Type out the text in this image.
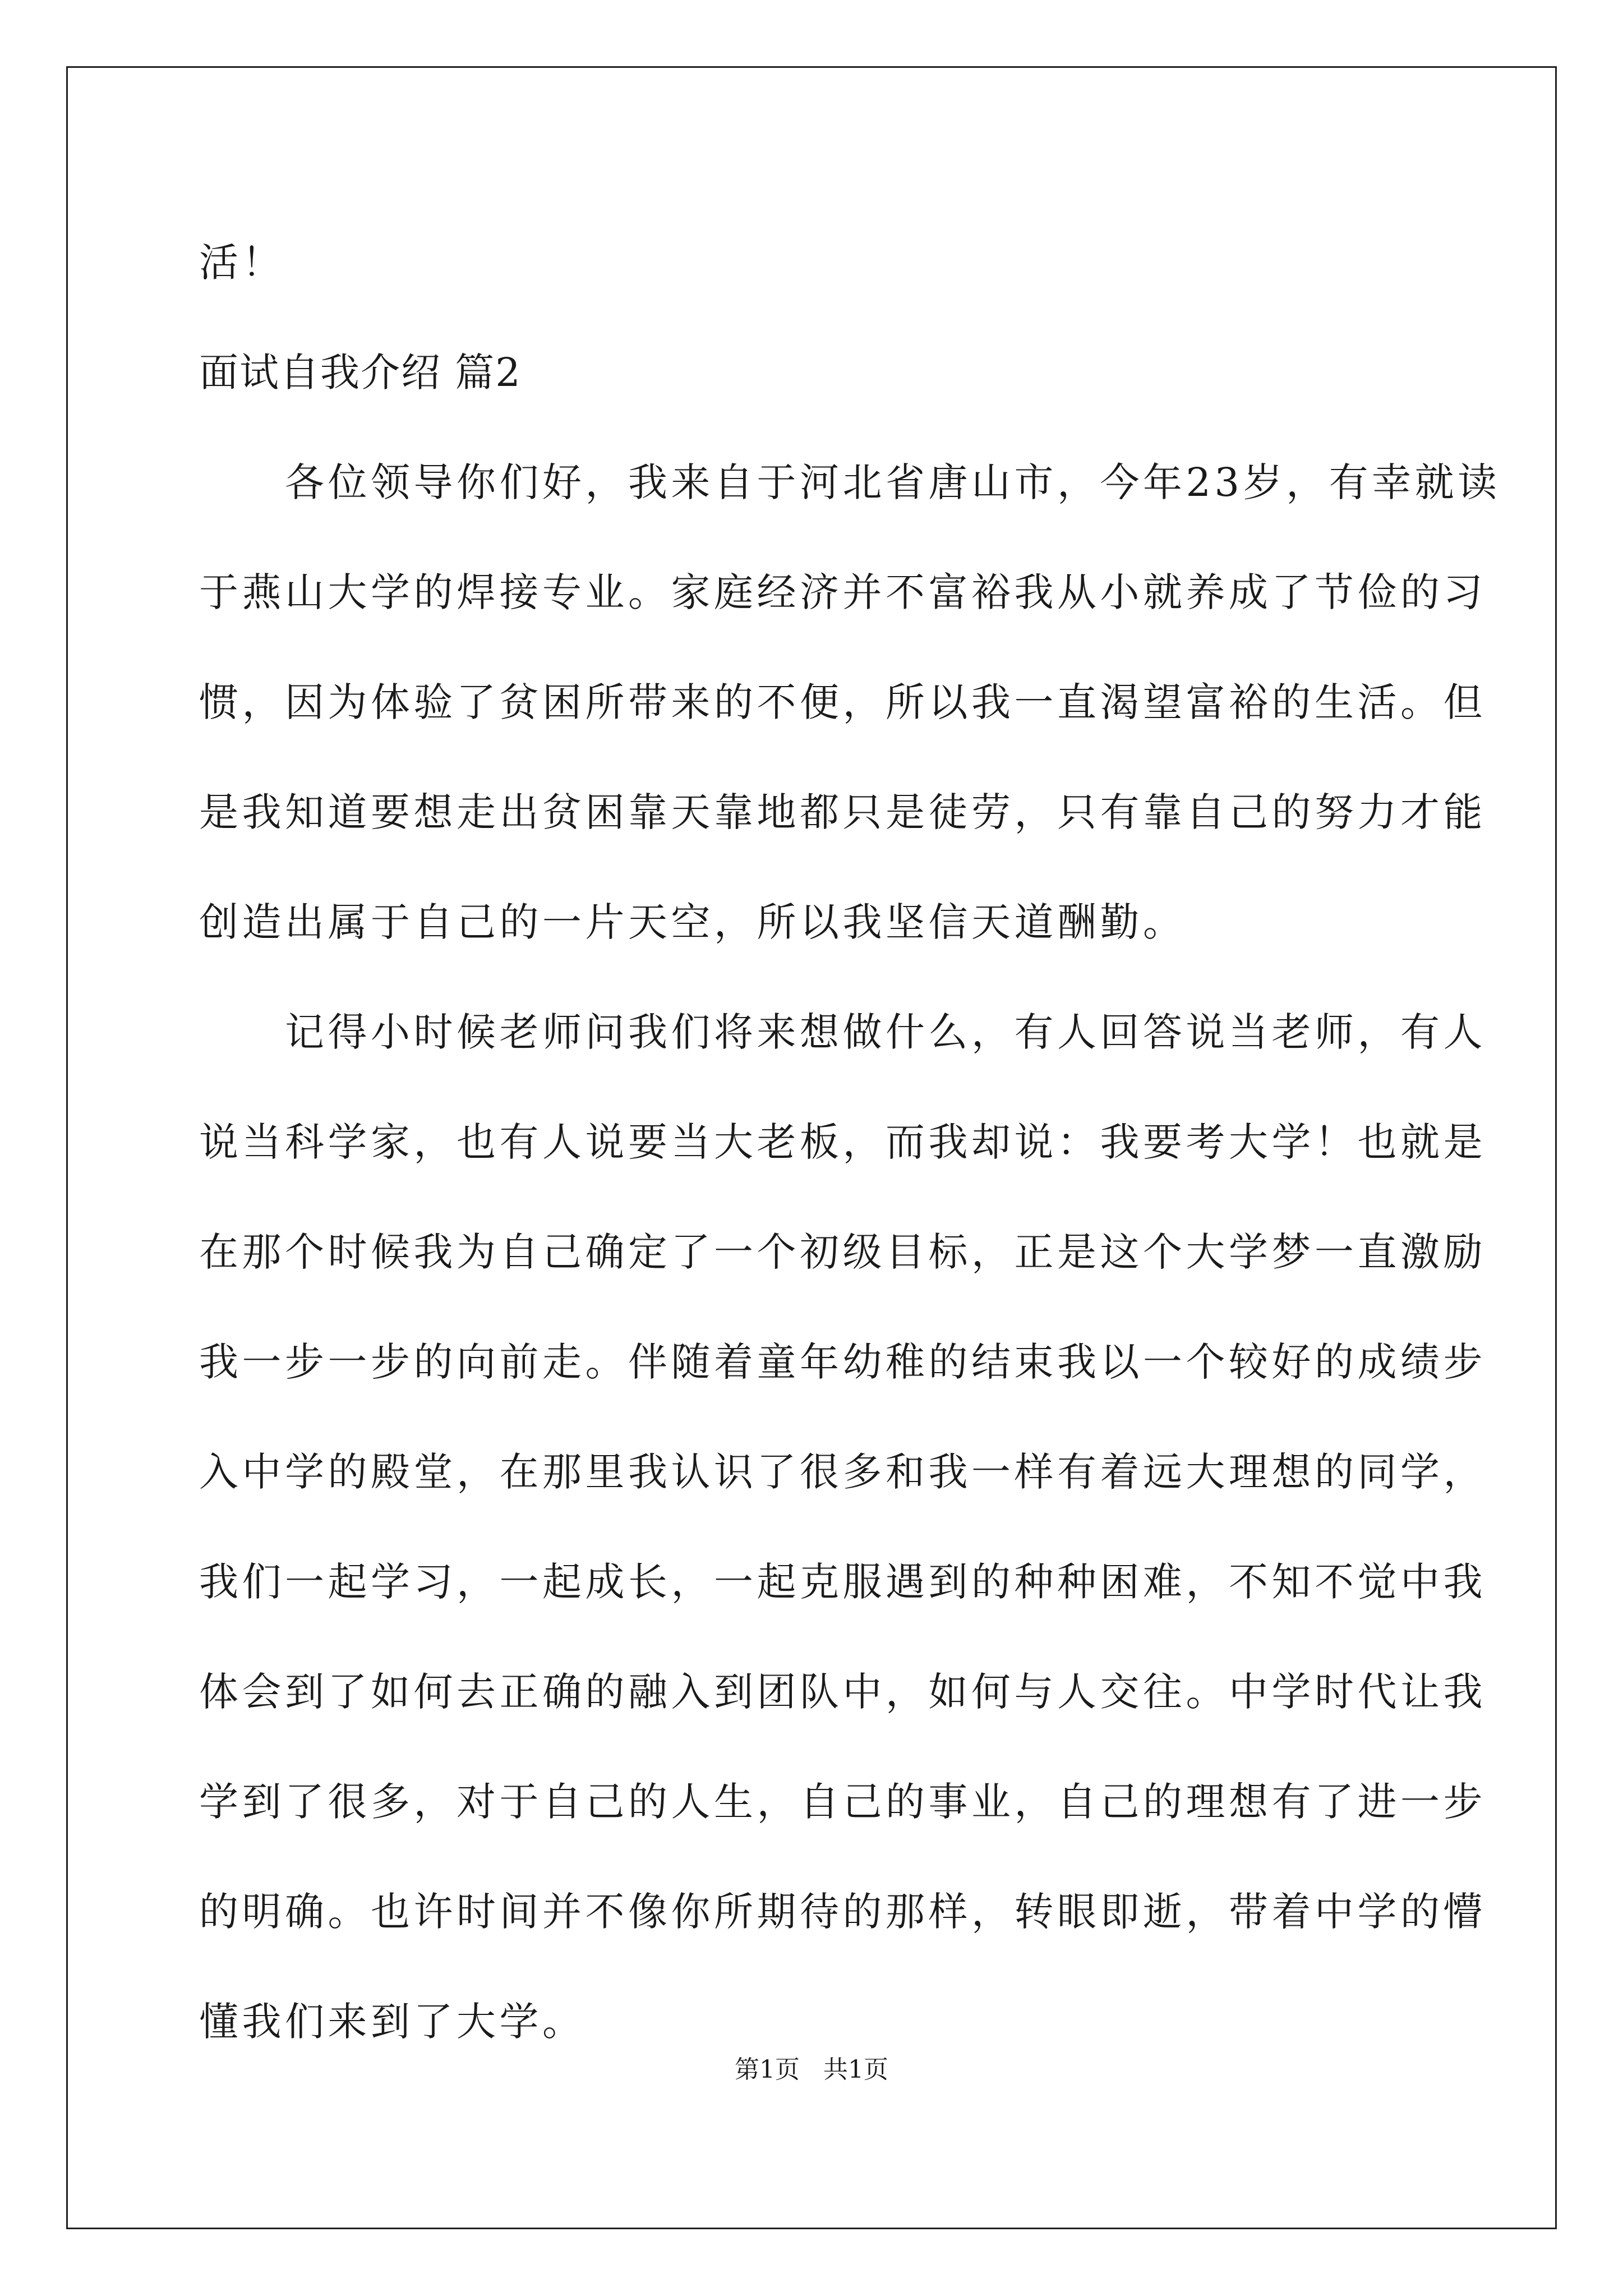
活！

面试自我介绍 篇2

　　各位领导你们好，我来自于河北省唐山市，今年23岁，有幸就读

于燕山大学的焊接专业。家庭经济并不富裕我从小就养成了节俭的习

惯，因为体验了贫困所带来的不便，所以我一直渴望富裕的生活。但

是我知道要想走出贫困靠天靠地都只是徒劳，只有靠自己的努力才能

创造出属于自己的一片天空，所以我坚信天道酬勤。

　　记得小时候老师问我们将来想做什么，有人回答说当老师，有人

说当科学家，也有人说要当大老板，而我却说：我要考大学！也就是

在那个时候我为自己确定了一个初级目标，正是这个大学梦一直激励

我一步一步的向前走。伴随着童年幼稚的结束我以一个较好的成绩步

入中学的殿堂，在那里我认识了很多和我一样有着远大理想的同学，

我们一起学习，一起成长，一起克服遇到的种种困难，不知不觉中我

体会到了如何去正确的融入到团队中，如何与人交往。中学时代让我

学到了很多，对于自己的人生，自己的事业，自己的理想有了进一步

的明确。也许时间并不像你所期待的那样，转眼即逝，带着中学的懵

懂我们来到了大学。

第1页   共1页
